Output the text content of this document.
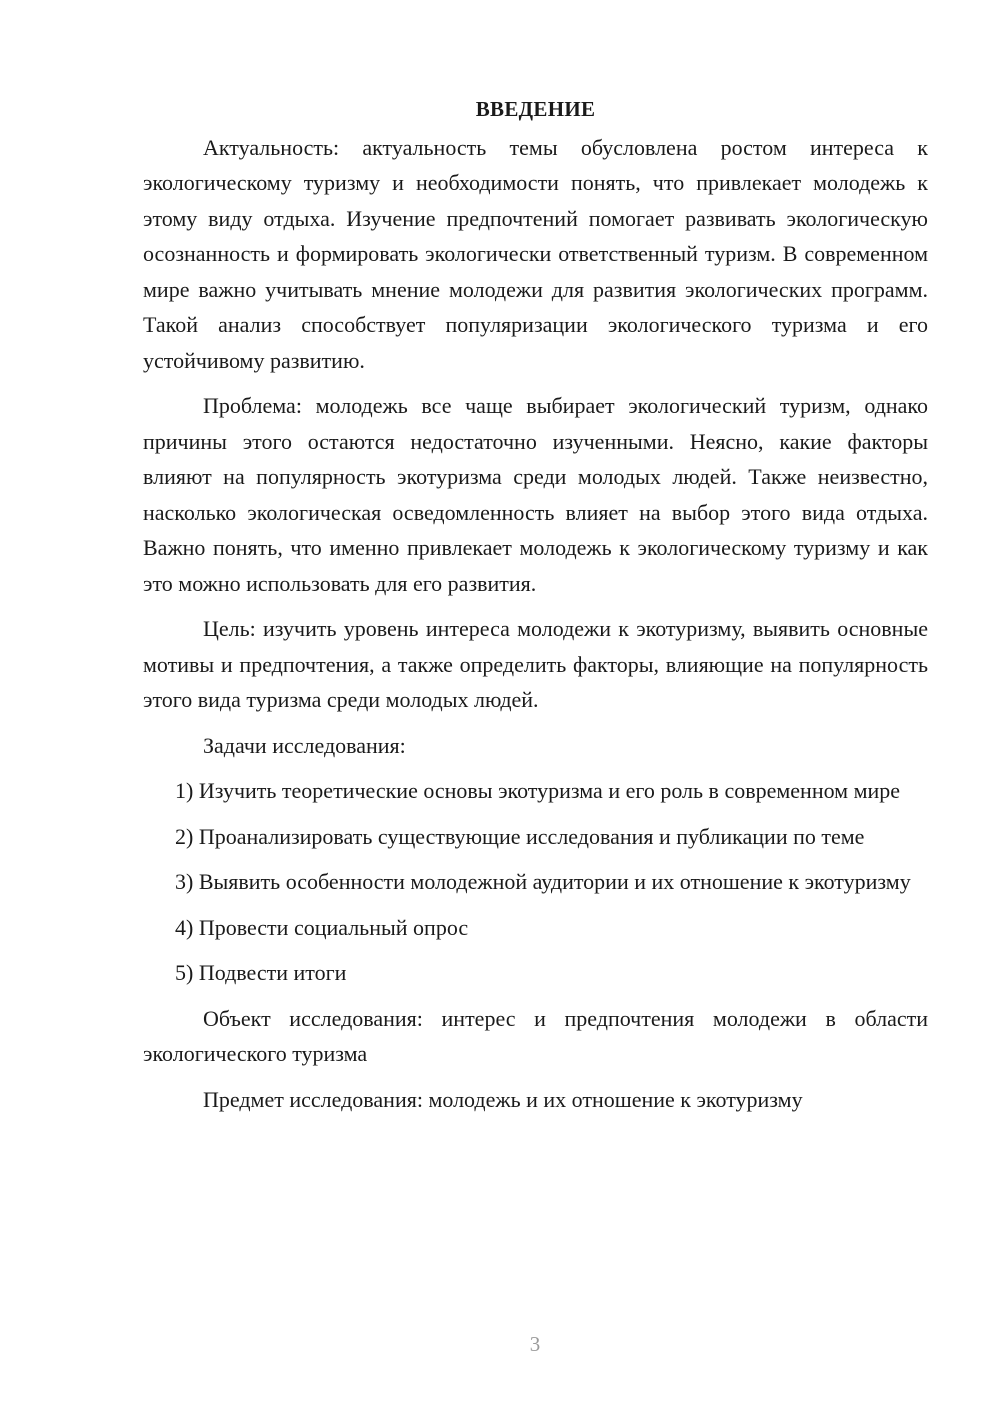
ВВЕДЕНИЕ

Актуальность: актуальность темы обусловлена ростом интереса к экологическому туризму и необходимости понять, что привлекает молодежь к этому виду отдыха. Изучение предпочтений помогает развивать экологическую осознанность и формировать экологически ответственный туризм. В современном мире важно учитывать мнение молодежи для развития экологических программ. Такой анализ способствует популяризации экологического туризма и его устойчивому развитию.

Проблема: молодежь все чаще выбирает экологический туризм, однако причины этого остаются недостаточно изученными. Неясно, какие факторы влияют на популярность экотуризма среди молодых людей. Также неизвестно, насколько экологическая осведомленность влияет на выбор этого вида отдыха. Важно понять, что именно привлекает молодежь к экологическому туризму и как это можно использовать для его развития.

Цель: изучить уровень интереса молодежи к экотуризму, выявить основные мотивы и предпочтения, а также определить факторы, влияющие на популярность этого вида туризма среди молодых людей.

Задачи исследования:

1) Изучить теоретические основы экотуризма и его роль в современном мире

2) Проанализировать существующие исследования и публикации по теме

3) Выявить особенности молодежной аудитории и их отношение к экотуризму

4) Провести социальный опрос

5) Подвести итоги

Объект исследования: интерес и предпочтения молодежи в области экологического туризма

Предмет исследования: молодежь и их отношение к экотуризму

3
